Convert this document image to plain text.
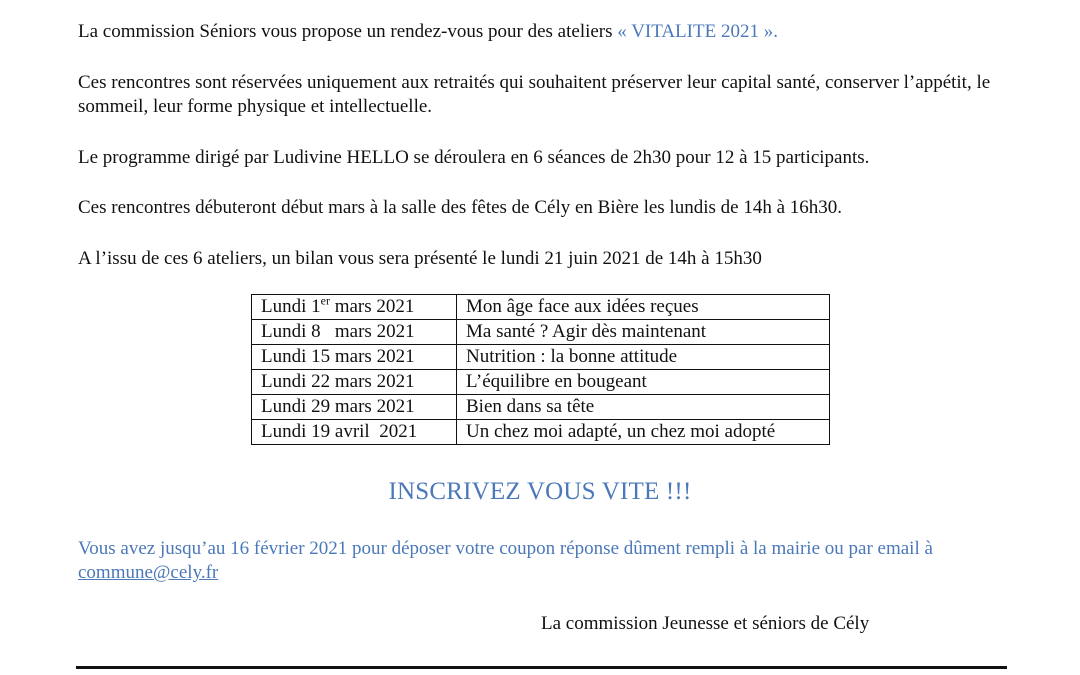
La commission Séniors vous propose un rendez-vous pour des ateliers « VITALITE 2021 ».

Ces rencontres sont réservées uniquement aux retraités qui souhaitent préserver leur capital santé, conserver l’appétit, le sommeil, leur forme physique et intellectuelle.

Le programme dirigé par Ludivine HELLO se déroulera en 6 séances de 2h30 pour 12 à 15 participants.

Ces rencontres débuteront début mars à la salle des fêtes de Cély en Bière les lundis de 14h à 16h30.

A l’issu de ces 6 ateliers, un bilan vous sera présenté le lundi 21 juin 2021 de 14h à 15h30

Lundi 1er mars 2021	Mon âge face aux idées reçues
Lundi 8   mars 2021	Ma santé ? Agir dès maintenant
Lundi 15 mars 2021	Nutrition : la bonne attitude
Lundi 22 mars 2021	L’équilibre en bougeant
Lundi 29 mars 2021	Bien dans sa tête
Lundi 19 avril  2021	Un chez moi adapté, un chez moi adopté

INSCRIVEZ VOUS VITE !!!

Vous avez jusqu’au 16 février 2021 pour déposer votre coupon réponse dûment rempli à la mairie ou par email à commune@cely.fr

La commission Jeunesse et séniors de Cély
